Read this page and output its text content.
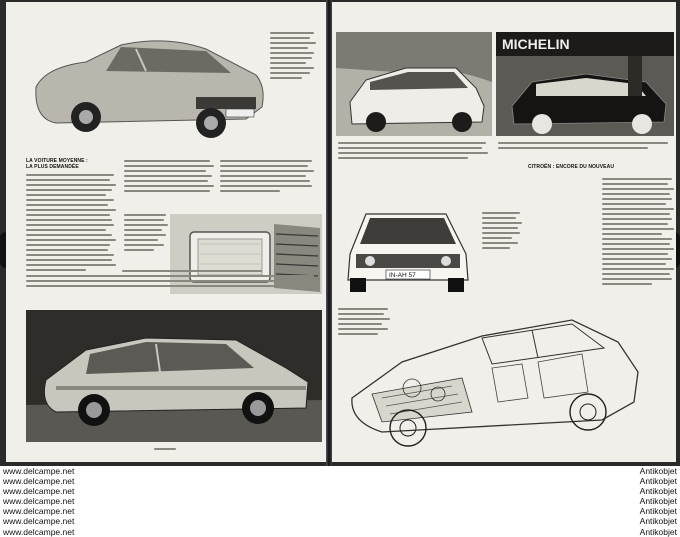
LA VOITURE MOYENNE :
LA PLUS DEMANDÉE
MICHELIN
IN-AH 57
CITROËN : ENCORE DU NOUVEAU
www.delcampe.net
www.delcampe.net
www.delcampe.net
www.delcampe.net
www.delcampe.net
www.delcampe.net
www.delcampe.net
Antikobjet
Antikobjet
Antikobjet
Antikobjet
Antikobjet
Antikobjet
Antikobjet
